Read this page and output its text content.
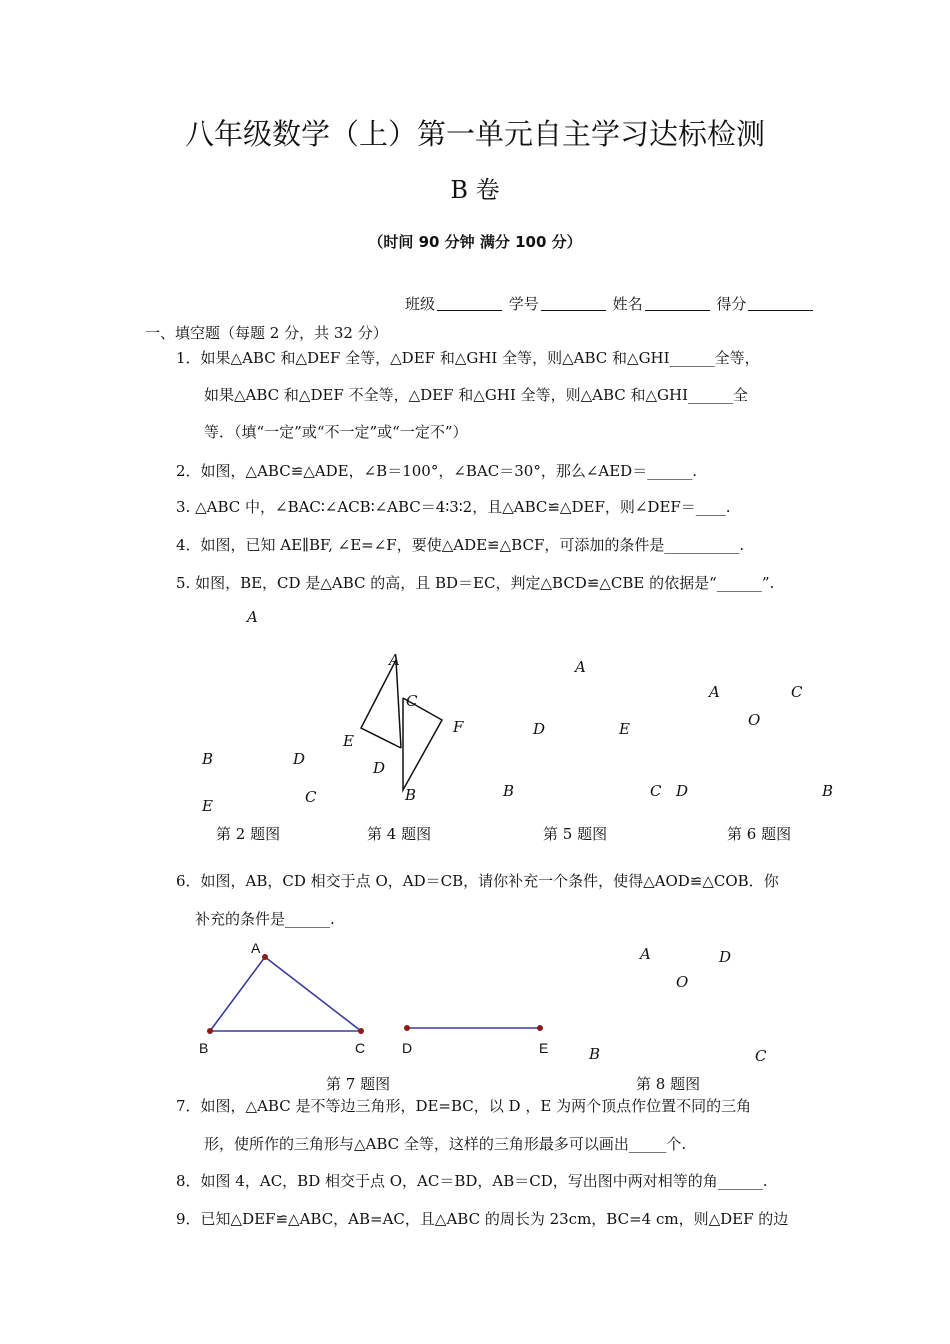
八年级数学（上）第一单元自主学习达标检测
B 卷
（时间 90 分钟 满分 100 分）
班级	学号	姓名	得分
一、填空题（每题 2 分，共 32 分）
1．如果△ABC 和△DEF 全等，△DEF 和△GHI 全等，则△ABC 和△GHI______全等，
如果△ABC 和△DEF 不全等，△DEF 和△GHI 全等，则△ABC 和△GHI______全
等．（填“一定”或“不一定”或“一定不”）
2．如图，△ABC≌△ADE，∠B＝100°，∠BAC＝30°，那么∠AED＝______.
3. △ABC 中，∠BAC∶∠ACB∶∠ABC＝4∶3∶2，且△ABC≌△DEF，则∠DEF＝____.
4．如图，已知 AE∥BF, ∠E=∠F，要使△ADE≌△BCF，可添加的条件是__________.
5. 如图，BE，CD 是△ABC 的高，且 BD＝EC，判定△BCD≌△CBE 的依据是“______”.
A
B	D
C
E
第 2 题图
A
C
F
E
D
B
第 4 题图
A
D	E
B	C
第 5 题图
A	C
O
D	B
第 6 题图
6．如图，AB，CD 相交于点 O，AD＝CB，请你补充一个条件，使得△AOD≌△COB．你
补充的条件是______.
A
B	C	D	E
第 7 题图
A	D
O
B	C
第 8 题图
7．如图，△ABC 是不等边三角形，DE=BC，以 D ，E 为两个顶点作位置不同的三角
形，使所作的三角形与△ABC 全等，这样的三角形最多可以画出_____个.
8．如图 4，AC，BD 相交于点 O，AC＝BD，AB＝CD，写出图中两对相等的角______.
9．已知△DEF≌△ABC，AB=AC，且△ABC 的周长为 23cm，BC=4 cm，则△DEF 的边
